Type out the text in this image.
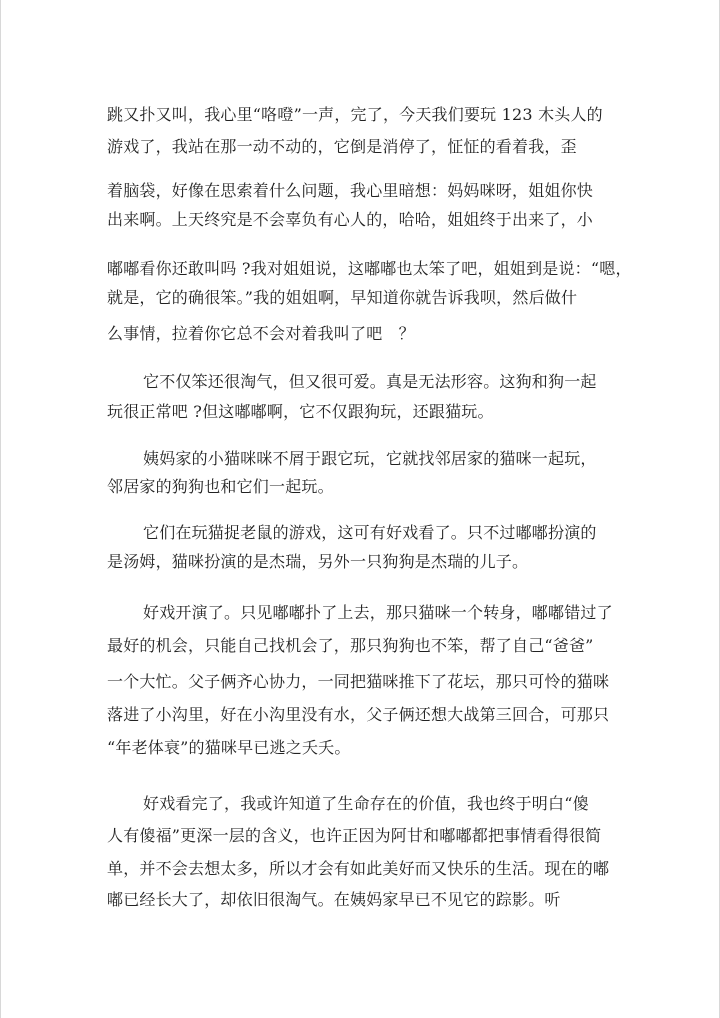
跳又扑又叫，我心里“咯噔”一声，完了，今天我们要玩 123 木头人的
游戏了，我站在那一动不动的，它倒是消停了，怔怔的看着我，歪
着脑袋，好像在思索着什么问题，我心里暗想：妈妈咪呀，姐姐你快
出来啊。上天终究是不会辜负有心人的，哈哈，姐姐终于出来了，小
嘟嘟看你还敢叫吗 ?我对姐姐说，这嘟嘟也太笨了吧，姐姐到是说：“嗯，
就是，它的确很笨。”我的姐姐啊，早知道你就告诉我呗，然后做什
么事情，拉着你它总不会对着我叫了吧　？
它不仅笨还很淘气，但又很可爱。真是无法形容。这狗和狗一起
玩很正常吧 ?但这嘟嘟啊，它不仅跟狗玩，还跟猫玩。
姨妈家的小猫咪咪不屑于跟它玩，它就找邻居家的猫咪一起玩，
邻居家的狗狗也和它们一起玩。
它们在玩猫捉老鼠的游戏，这可有好戏看了。只不过嘟嘟扮演的
是汤姆，猫咪扮演的是杰瑞，另外一只狗狗是杰瑞的儿子。
好戏开演了。只见嘟嘟扑了上去，那只猫咪一个转身，嘟嘟错过了
最好的机会，只能自己找机会了，那只狗狗也不笨，帮了自己“爸爸”
一个大忙。父子俩齐心协力，一同把猫咪推下了花坛，那只可怜的猫咪
落进了小沟里，好在小沟里没有水，父子俩还想大战第三回合，可那只
“年老体衰”的猫咪早已逃之夭夭。
好戏看完了，我或许知道了生命存在的价值，我也终于明白“傻
人有傻福”更深一层的含义，也许正因为阿甘和嘟嘟都把事情看得很简
单，并不会去想太多，所以才会有如此美好而又快乐的生活。现在的嘟
嘟已经长大了，却依旧很淘气。在姨妈家早已不见它的踪影。听
